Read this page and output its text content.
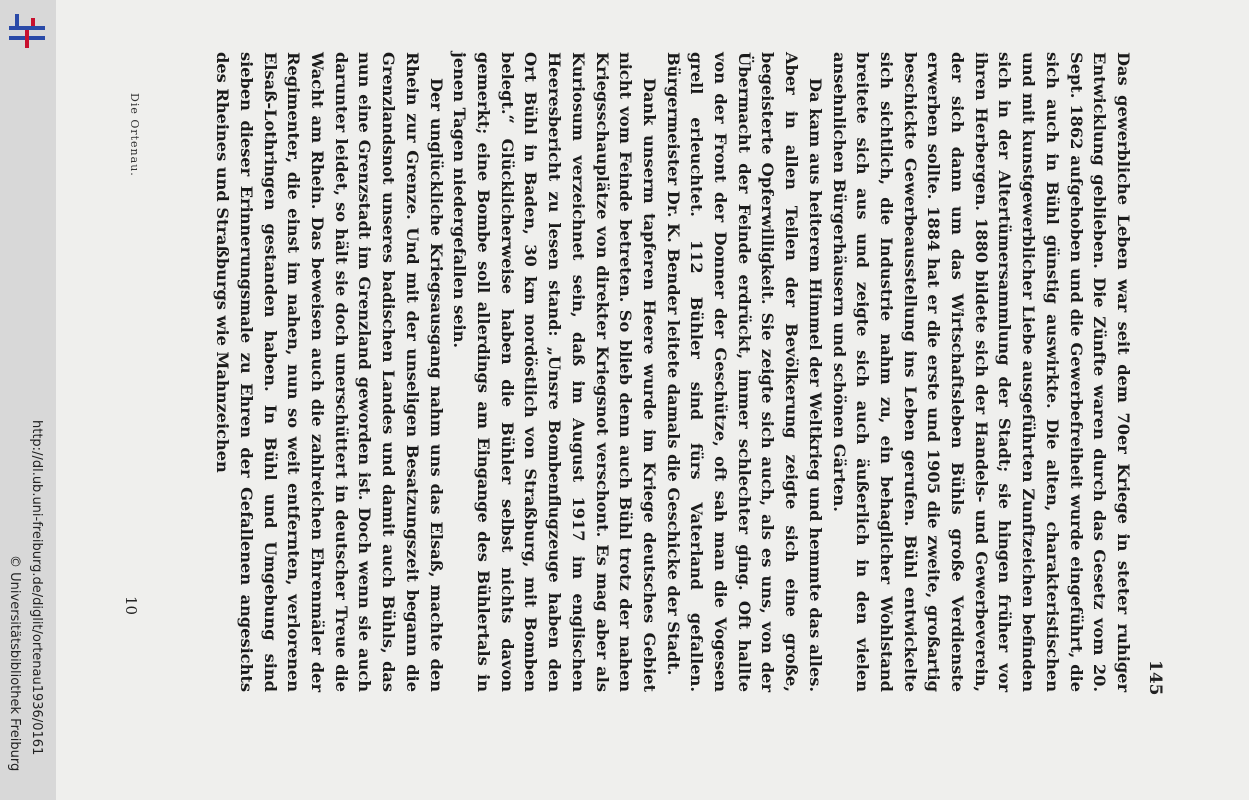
http://dl.ub.uni-freiburg.de/diglit/ortenau1936/0161
© Universitätsbibliothek Freiburg	Das gewerbliche Leben war seit dem 70er Kriege in steter ruhiger Entwicklung geblieben. Die Zünfte waren durch das Gesetz vom 20. Sept. 1862 aufgehoben und die Gewerbefreiheit wurde eingeführt, die sich auch in Bühl günstig auswirkte. Die alten, charakteristischen und mit kunstgewerblicher Liebe ausgeführten Zunftzeichen befinden sich in der Altertümersammlung der Stadt; sie hingen früher vor ihren Herbergen. 1880 bildete sich der Handels- und Gewerbeverein, der sich dann um das Wirtschaftsleben Bühls große Verdienste erwerben sollte. 1884 hat er die erste und 1905 die zweite, großartig beschickte Gewerbeausstellung ins Leben gerufen. Bühl entwickelte sich sichtlich, die Industrie nahm zu, ein behaglicher Wohlstand breitete sich aus und zeigte sich auch äußerlich in den vielen ansehnlichen Bürgerhäusern und schönen Gärten.

Da kam aus heiterem Himmel der Weltkrieg und hemmte das alles. Aber in allen Teilen der Bevölkerung zeigte sich eine große, begeisterte Opferwilligkeit. Sie zeigte sich auch, als es uns, von der Übermacht der Feinde erdrückt, immer schlechter ging. Oft hallte von der Front der Donner der Geschütze, oft sah man die Vogesen grell erleuchtet. 112 Bühler sind fürs Vaterland gefallen. Bürgermeister Dr. K. Bender leitete damals die Geschicke der Stadt.

Dank unserm tapferen Heere wurde im Kriege deutsches Gebiet nicht vom Feinde betreten. So blieb denn auch Bühl trotz der nahen Kriegsschauplätze von direkter Kriegsnot verschont. Es mag aber als Kuriosum verzeichnet sein, daß im August 1917 im englischen Heeresbericht zu lesen stand: „Unsre Bombenflugzeuge haben den Ort Bühl in Baden, 30 km nordöstlich von Straßburg, mit Bomben belegt.“ Glücklicherweise haben die Bühler selbst nichts davon gemerkt; eine Bombe soll allerdings am Eingange des Bühlertals in jenen Tagen niedergefallen sein.

Der unglückliche Kriegsausgang nahm uns das Elsaß, machte den Rhein zur Grenze. Und mit der unseligen Besatzungszeit begann die Grenzlandsnot unseres badischen Landes und damit auch Bühls, das nun eine Grenzstadt im Grenzland geworden ist. Doch wenn sie auch darunter leidet, so hält sie doch unerschüttert in deutscher Treue die Wacht am Rhein. Das beweisen auch die zahlreichen Ehrenmäler der Regimenter, die einst im nahen, nun so weit entfernten, verlorenen Elsaß-Lothringen gestanden haben. In Bühl und Umgebung sind sieben dieser Erinnerungsmale zu Ehren der Gefallenen angesichts des Rheines und Straßburgs wie Mahnzeichen

145
Die Ortenau.
10
